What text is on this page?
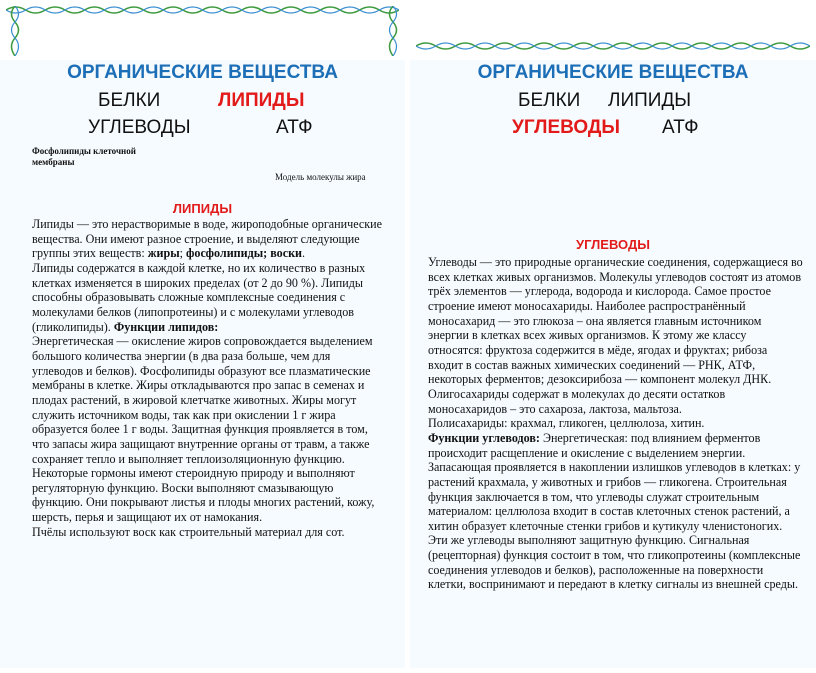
ОРГАНИЧЕСКИЕ ВЕЩЕСТВА
БЕЛКИ	ЛИПИДЫ
УГЛЕВОДЫ	АТФ
Фосфолипиды клеточной мембраны
Модель молекулы жира
ЛИПИДЫ
Липиды — это нерастворимые в воде, жироподобные органические вещества. Они имеют разное строение, и выделяют следующие группы этих веществ: жиры; фосфолипиды; воски.
Липиды содержатся в каждой клетке, но их количество в разных клетках изменяется в широких пределах (от 2 до 90 %). Липиды способны образовывать сложные комплексные соединения с молекулами белков (липопротеины) и с молекулами углеводов (гликолипиды). Функции липидов:
Энергетическая — окисление жиров сопровождается выделением большого количества энергии (в два раза больше, чем для углеводов и белков). Фосфолипиды образуют все плазматические мембраны в клетке. Жиры откладываются про запас в семенах и плодах растений, в жировой клетчатке животных. Жиры могут служить источником воды, так как при окислении 1 г жира образуется более 1 г воды. Защитная функция проявляется в том, что запасы жира защищают внутренние органы от травм, а также сохраняет тепло и выполняет теплоизоляционную функцию. Некоторые гормоны имеют стероидную природу и выполняют регуляторную функцию. Воски выполняют смазывающую функцию. Они покрывают листья и плоды многих растений, кожу, шерсть, перья и защищают их от намокания.
Пчёлы используют воск как строительный материал для сот.
ОРГАНИЧЕСКИЕ ВЕЩЕСТВА
БЕЛКИ ЛИПИДЫ
УГЛЕВОДЫ АТФ
УГЛЕВОДЫ
Углеводы — это природные органические соединения, содержащиеся во всех клетках живых организмов. Молекулы углеводов состоят из атомов трёх элементов — углерода, водорода и кислорода. Самое простое строение имеют моносахариды. Наиболее распространённый моносахарид — это глюкоза – она является главным источником энергии в клетках всех живых организмов. К этому же классу относятся: фруктоза содержится в мёде, ягодах и фруктах; рибоза входит в состав важных химических соединений — РНК, АТФ, некоторых ферментов; дезоксирибоза — компонент молекул ДНК. Олигосахариды содержат в молекулах до десяти остатков моносахаридов – это сахароза, лактоза, мальтоза.
Полисахариды: крахмал, гликоген, целлюлоза, хитин.
Функции углеводов: Энергетическая: под влиянием ферментов происходит расщепление и окисление с выделением энергии. Запасающая проявляется в накоплении излишков углеводов в клетках: у растений крахмала, у животных и грибов — гликогена. Строительная функция заключается в том, что углеводы служат строительным материалом: целлюлоза входит в состав клеточных стенок растений, а хитин образует клеточные стенки грибов и кутикулу членистоногих. Эти же углеводы выполняют защитную функцию. Сигнальная (рецепторная) функция состоит в том, что гликопротеины (комплексные соединения углеводов и белков), расположенные на поверхности клетки, воспринимают и передают в клетку сигналы из внешней среды.
